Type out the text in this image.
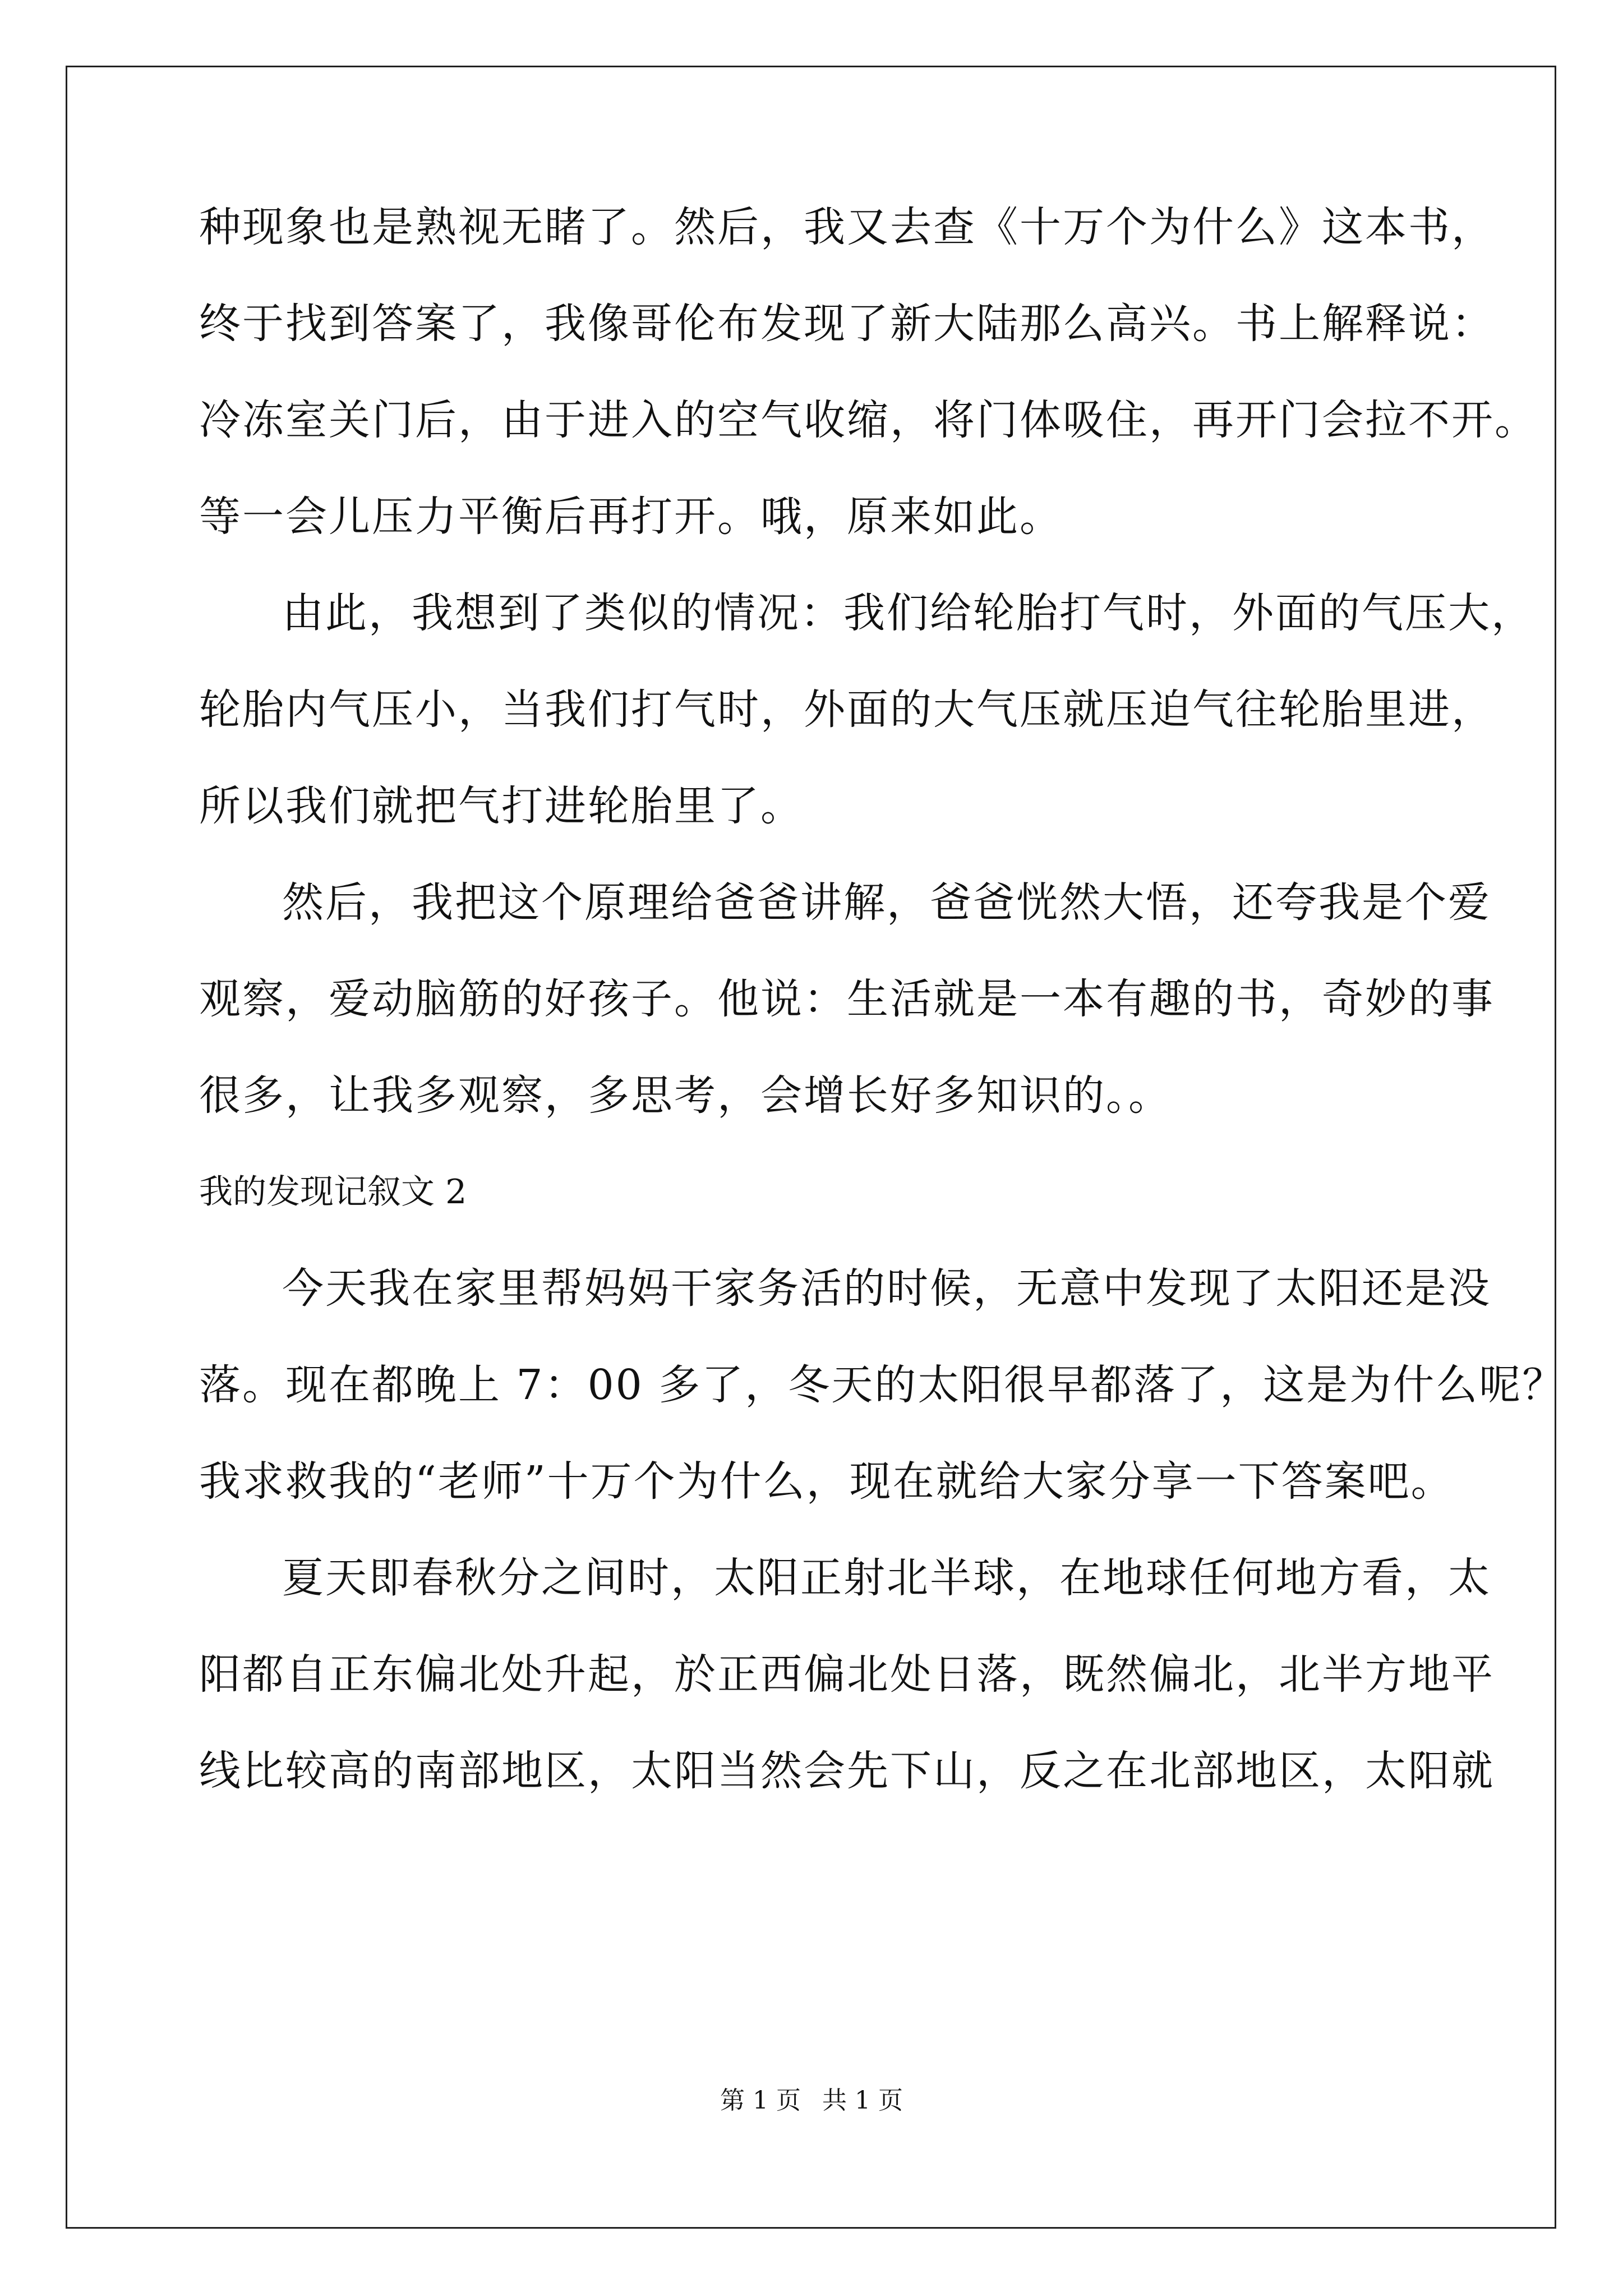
种现象也是熟视无睹了。然后，我又去查《十万个为什么》这本书，
终于找到答案了，我像哥伦布发现了新大陆那么高兴。书上解释说：
冷冻室关门后，由于进入的空气收缩，将门体吸住，再开门会拉不开。
等一会儿压力平衡后再打开。哦，原来如此。
由此，我想到了类似的情况：我们给轮胎打气时，外面的气压大，
轮胎内气压小，当我们打气时，外面的大气压就压迫气往轮胎里进，
所以我们就把气打进轮胎里了。
然后，我把这个原理给爸爸讲解，爸爸恍然大悟，还夸我是个爱
观察，爱动脑筋的好孩子。他说：生活就是一本有趣的书，奇妙的事
很多，让我多观察，多思考，会增长好多知识的。。
我的发现记叙文 2
今天我在家里帮妈妈干家务活的时候，无意中发现了太阳还是没
落。现在都晚上 7：00 多了，冬天的太阳很早都落了，这是为什么呢？
我求救我的“老师”十万个为什么，现在就给大家分享一下答案吧。
夏天即春秋分之间时，太阳正射北半球，在地球任何地方看，太
阳都自正东偏北处升起，於正西偏北处日落，既然偏北，北半方地平
线比较高的南部地区，太阳当然会先下山，反之在北部地区，太阳就
第 1 页 共 1 页
